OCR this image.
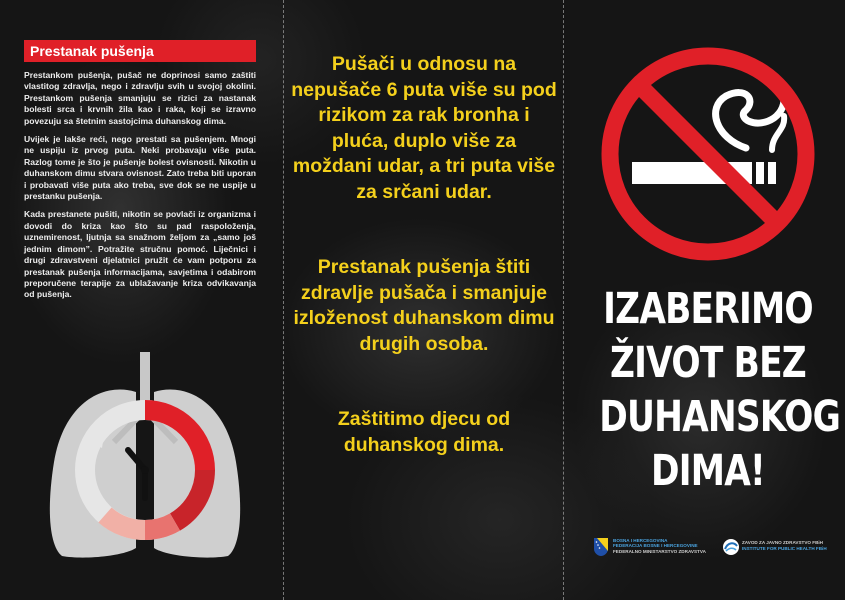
Prestanak pušenja

Prestankom pušenja, pušač ne doprinosi samo zaštiti vlastitog zdravlja, nego i zdravlju svih u svojoj okolini. Prestankom pušenja smanjuju se rizici za nastanak bolesti srca i krvnih žila kao i raka, koji se izravno povezuju sa štetnim sastojcima duhanskog dima.

Uvijek je lakše reći, nego prestati sa pušenjem. Mnogi ne uspiju iz prvog puta. Neki probavaju više puta. Razlog tome je što je pušenje bolest ovisnosti. Nikotin u duhanskom dimu stvara ovisnost. Zato treba biti uporan i probavati više puta ako treba, sve dok se ne uspije u prestanku pušenja.

Kada prestanete pušiti, nikotin se povlači iz organizma i dovodi do kriza kao što su pad raspoloženja, uznemirenost, ljutnja sa snažnom željom za „samo još jednim dimom”. Potražite stručnu pomoć. Liječnici i drugi zdravstveni djelatnici pružit će vam potporu za prestanak pušenja informacijama, savjetima i odabirom preporučene terapije za ublažavanje kriza odvikavanja od pušenja.

Pušači u odnosu na nepušače 6 puta više su pod rizikom za rak bronha i pluća, duplo više za moždani udar, a tri puta više za srčani udar.

Prestanak pušenja štiti zdravlje pušača i smanjuje izloženost duhanskom dimu drugih osoba.

Zaštitimo djecu od duhanskog dima.

IZABERIMO
ŽIVOT BEZ
DUHANSKOG
DIMA!
BOSNA I HERCEGOVINA
FEDERACIJA BOSNE I HERCEGOVINE
FEDERALNO MINISTARSTVO ZDRAVSTVA
ZAVOD ZA JAVNO ZDRAVSTVO FBiH
INSTITUTE FOR PUBLIC HEALTH FBiH
